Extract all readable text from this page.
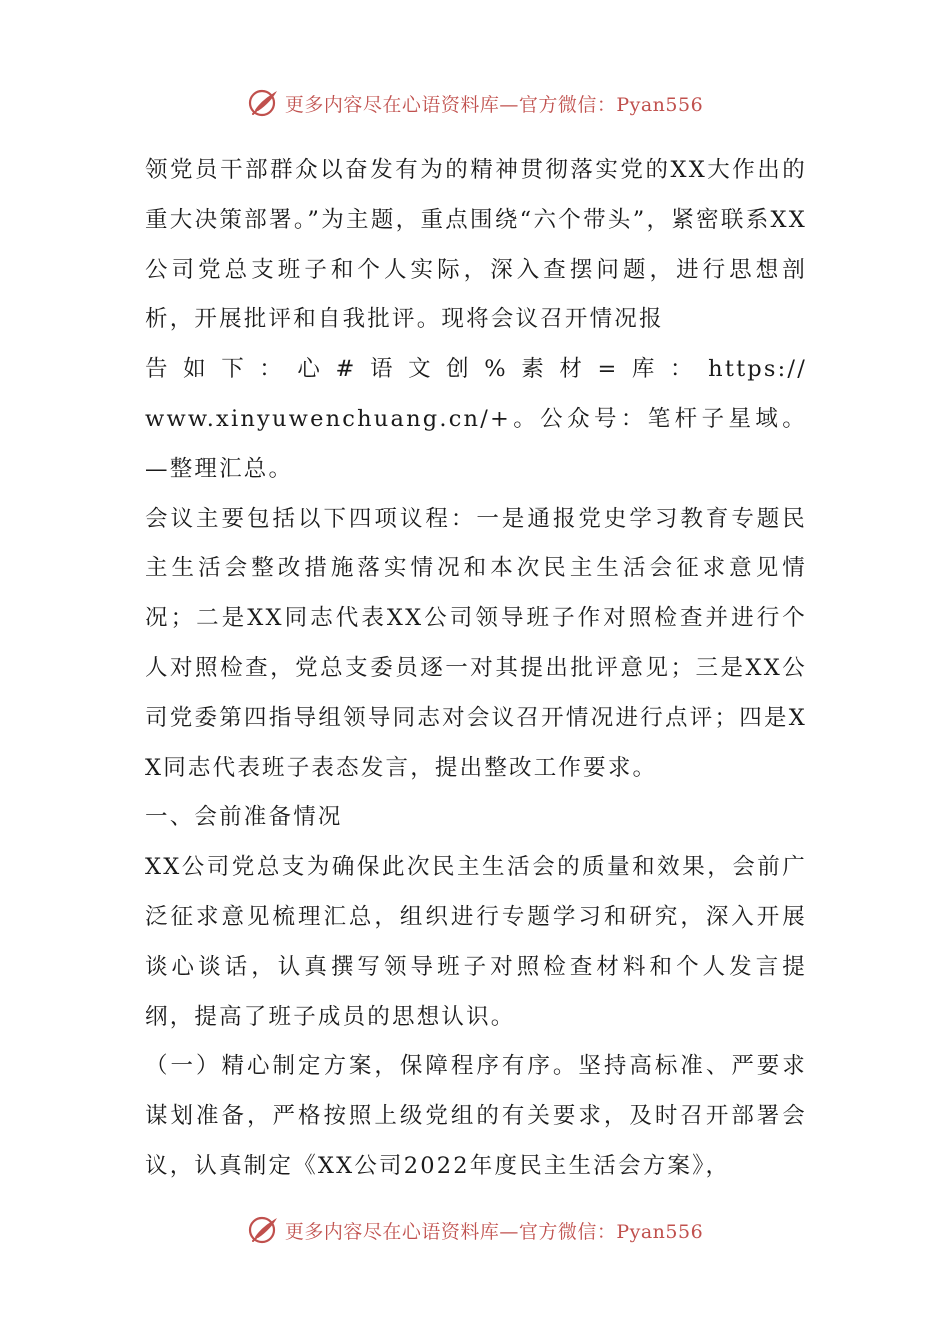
更多内容尽在心语资料库—官方微信：Pyan556

领党员干部群众以奋发有为的精神贯彻落实党的XX大作出的重大决策部署。”为主题，重点围绕“六个带头”，紧密联系XX公司党总支班子和个人实际，深入查摆问题，进行思想剖析，开展批评和自我批评。现将会议召开情况报

告如下：心#语文创%素材=库：https://

www.xinyuwenchuang.cn/+。公众号：笔杆子星域。—整理汇总。

会议主要包括以下四项议程：一是通报党史学习教育专题民主生活会整改措施落实情况和本次民主生活会征求意见情况；二是XX同志代表XX公司领导班子作对照检查并进行个人对照检查，党总支委员逐一对其提出批评意见；三是XX公司党委第四指导组领导同志对会议召开情况进行点评；四是XX同志代表班子表态发言，提出整改工作要求。

一、会前准备情况

XX公司党总支为确保此次民主生活会的质量和效果，会前广泛征求意见梳理汇总，组织进行专题学习和研究，深入开展谈心谈话，认真撰写领导班子对照检查材料和个人发言提纲，提高了班子成员的思想认识。

（一）精心制定方案，保障程序有序。坚持高标准、严要求谋划准备，严格按照上级党组的有关要求，及时召开部署会议，认真制定《XX公司2022年度民主生活会方案》，

更多内容尽在心语资料库—官方微信：Pyan556
